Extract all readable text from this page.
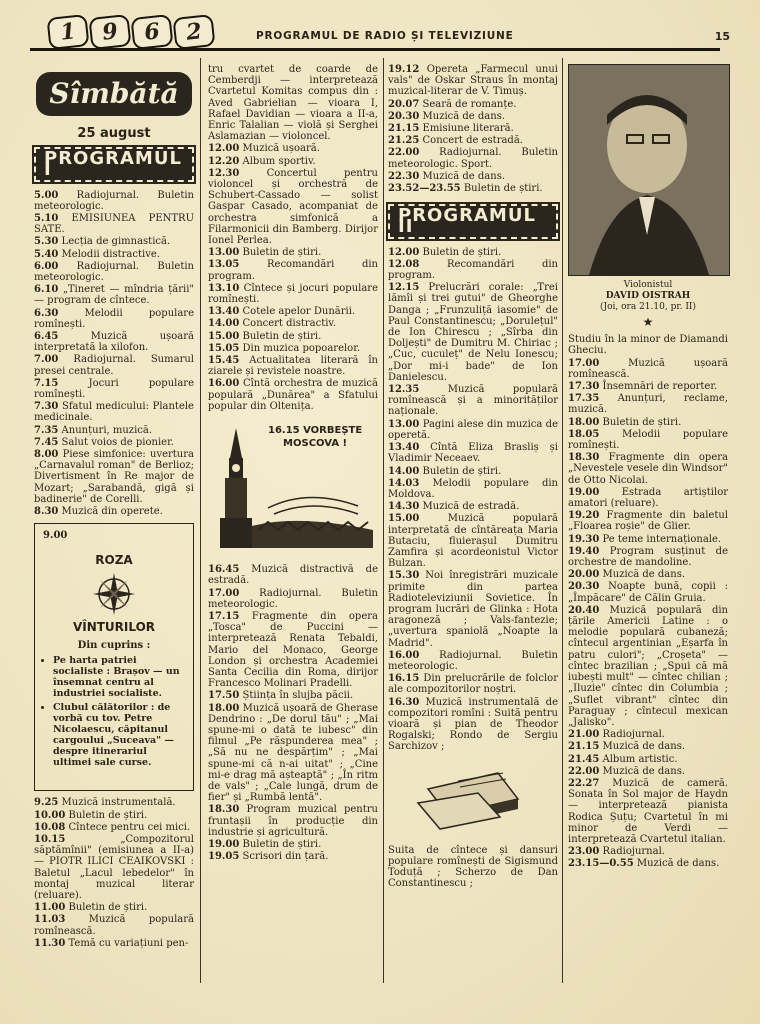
1	9	6	2	PROGRAMUL DE RADIO ȘI TELEVIZIUNE	15
Sîmbătă
25 august
PROGRAMUL I
5.00 Radiojurnal. Buletin meteorologic.
5.10 EMISIUNEA PENTRU SATE.
5.30 Lecția de gimnastică.
5.40 Melodii distractive.
6.00 Radiojurnal. Buletin meteorologic.
6.10 „Tineret — mîndria țării" — program de cîntece.
6.30	Melodii populare romînești.
6.45	Muzică ușoară interpretată la xilofon.
7.00 Radiojurnal. Sumarul presei centrale.
7.15	Jocuri populare romînești.
7.30 Sfatul medicului: Plantele medicinale.
7.35 Anunțuri, muzică.
7.45 Salut voios de pionier.
8.00 Piese simfonice: uvertura „Carnavalul roman" de Berlioz; Divertisment în Re major de Mozart; „Sarabandă, gigă și badinerie" de Corelli.
8.30 Muzică din operete.
9.00
ROZA
VÎNTURILOR
Din cuprins :
• Pe harta patriei socialiste : Brașov — un însemnat centru al industriei socialiste.
• Clubul călătorilor : de vorbă cu tov. Petre Nicolaescu, căpitanul cargoului „Suceava" — despre itinerariul ultimei sale curse.
9.25 Muzică instrumentală.
10.00 Buletin de știri.
10.08 Cîntece pentru cei mici.
10.15	„Compozitorul săptămînii" (emisiunea a II-a) — PIOTR ILICI CEAIKOVSKI : Baletul „Lacul lebedelor" în montaj muzical literar (reluare).
11.00 Buletin de știri.
11.03 Muzică populară romînească.
11.30 Temă cu variațiuni pen-
tru cvartet de coarde de Cemberdji — interpretează Cvartetul Komitas compus din : Aved Gabrielian — vioara I, Rafael Davidian — vioara a II-a, Enric Talalian — violă și Serghei Aslamazian — violoncel.
12.00 Muzică ușoară.
12.20 Album sportiv.
12.30	Concertul pentru violoncel și orchestră de Schubert-Cassado — solist Gaspar Casado, acompaniat de orchestra simfonică a Filarmonicii din Bamberg. Dirijor Ionel Perlea.
13.00 Buletin de știri.
13.05	Recomandări din program.
13.10 Cîntece și jocuri populare romînești.
13.40 Cotele apelor Dunării.
14.00 Concert distractiv.
15.00 Buletin de știri.
15.05 Din muzica popoarelor.
15.45 Actualitatea literară în ziarele și revistele noastre.
16.00 Cîntă orchestra de muzică populară „Dunărea" a Sfatului popular din Oltenița.
16.15 VORBEȘTE
MOSCOVA !
16.45 Muzică distractivă de estradă.
17.00 Radiojurnal. Buletin meteorologic.
17.15 Fragmente din opera „Tosca" de Puccini — interpretează Renata Tebaldi, Mario del Monaco, George London și orchestra Academiei Santa Cecilia din Roma, dirijor Francesco Molinari Pradelli.
17.50 Știința în slujba păcii.
18.00 Muzică ușoară de Gherase Dendrino : „De dorul tău" ; „Mai spune-mi o dată te iubesc" din filmul „Pe răspunderea mea" ; „Să nu ne despărțim" ; „Mai spune-mi că n-ai uitat" ; „Cine mi-e drag mă așteaptă" ; „În ritm de vals" ; „Cale lungă, drum de fier" și „Rumbă lentă".
18.30 Program muzical pentru fruntașii în producție din industrie și agricultură.
19.00 Buletin de știri.
19.05 Scrisori din țară.
19.12 Opereta „Farmecul unui vals" de Oskar Straus în montaj muzical-literar de V. Timuș.
20.07 Seară de romanțe.
20.30 Muzică de dans.
21.15 Emisiune literară.
21.25 Concert de estradă.
22.00 Radiojurnal. Buletin meteorologic. Sport.
22.30 Muzică de dans.
23.52—23.55 Buletin de știri.
PROGRAMUL II
12.00 Buletin de știri.
12.08	Recomandări din program.
12.15 Prelucrări corale: „Trei lămîi și trei gutui" de Gheorghe Danga ; „Frunzuliță iasomie" de Paul Constantinescu; „Dorulețul" de Ion Chirescu ; „Sîrba din Doljești" de Dumitru M. Chiriac ; „Cuc, cuculeț" de Nelu Ionescu; „Dor mi-i bade" de Ion Danielescu.
12.35	Muzică populară romînească și a minorităților naționale.
13.00 Pagini alese din muzica de operetă.
13.40 Cîntă Eliza Brasliș și Vladimir Neceaev.
14.00 Buletin de știri.
14.03 Melodii populare din Moldova.
14.30 Muzică de estradă.
15.00	Muzică populară interpretată de cîntăreața Maria Butaciu, fluierașul Dumitru Zamfira și acordeonistul Victor Bulzan.
15.30 Noi înregistrări muzicale primite din partea Radioteleviziunii Sovietice. În program lucrări de Glinka : Hota aragoneză ; Vals-fantezie; „uvertura spaniolă „Noapte la Madrid".
16.00 Radiojurnal. Buletin meteorologic.
16.15 Din prelucrările de folclor ale compozitorilor noștri.
16.30 Muzică instrumentală de compozitori romîni : Suită pentru vioară și pian de Theodor Rogalski; Rondo de Sergiu Sarchizov ;
Suita de cîntece și dansuri populare romînești de Sigismund Toduță ; Scherzo de Dan Constantinescu ;
Violonistul
DAVID OISTRAH
(Joi, ora 21.10, pr. II)
★
Studiu în la minor de Diamandi Gheciu.
17.00	Muzică ușoară romînească.
17.30 Însemnări de reporter.
17.35 Anunțuri, reclame, muzică.
18.00 Buletin de știri.
18.05 Melodii populare romînești.
18.30 Fragmente din opera „Nevestele vesele din Windsor" de Otto Nicolai.
19.00 Estrada artiștilor amatori (reluare).
19.20 Fragmente din baletul „Floarea roșie" de Glier.
19.30 Pe teme internaționale.
19.40 Program susținut de orchestre de mandoline.
20.00 Muzică de dans.
20.30 Noapte bună, copii : „Împăcare" de Călin Gruia.
20.40 Muzică populară din țările Americii Latine : o melodie populară cubaneză; cîntecul argentinian „Eșarfa în patru culori"; „Croșeta" — cîntec brazilian ; „Spui că mă iubești mult" — cîntec chilian ; „Iluzie" cîntec din Columbia ; „Suflet vibrant" cîntec din Paraguay ; cîntecul mexican „Jalisko".
21.00 Radiojurnal.
21.15 Muzică de dans.
21.45 Album artistic.
22.00 Muzică de dans.
22.27 Muzică de cameră. Sonata în Sol major de Haydn — interpretează pianista Rodica Șuțu; Cvartetul în mi minor de Verdi — interpretează Cvartetul italian.
23.00 Radiojurnal.
23.15—0.55 Muzică de dans.
